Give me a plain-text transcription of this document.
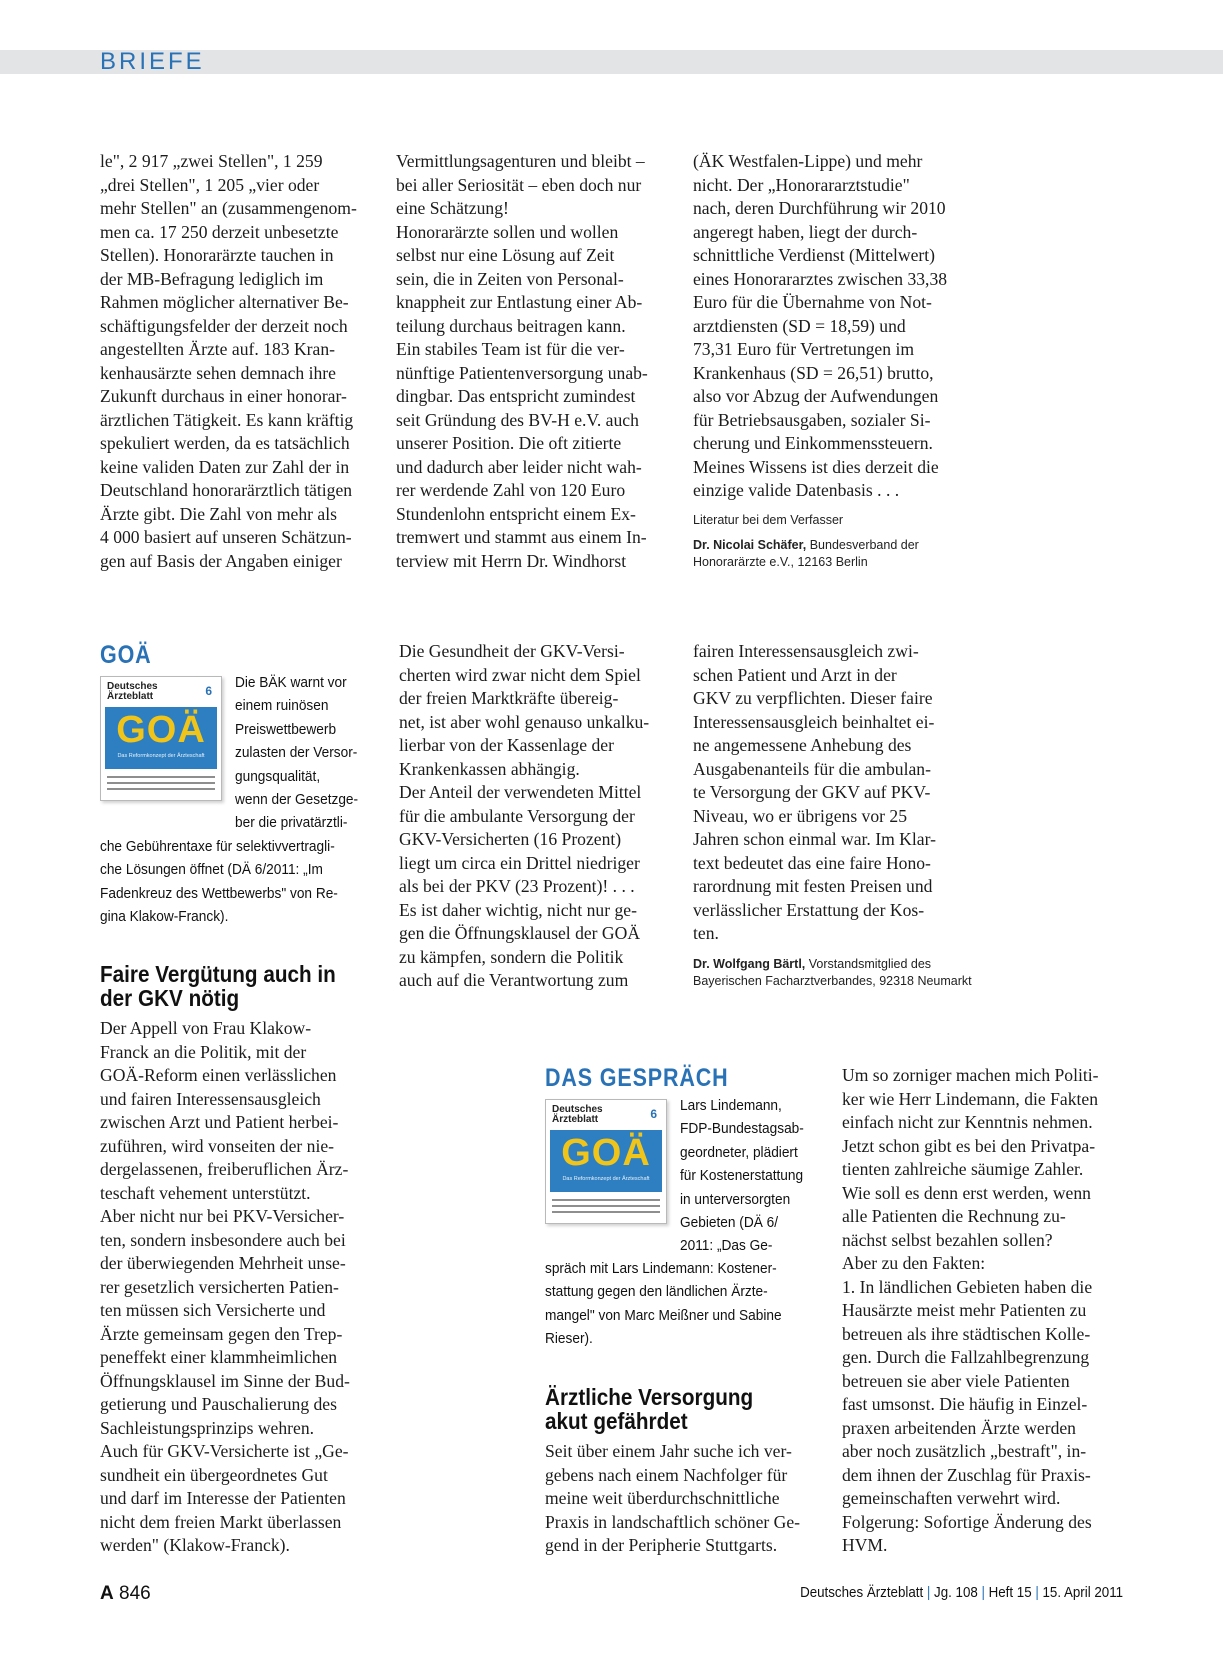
BRIEFE

le", 2 917 „zwei Stellen", 1 259
„drei Stellen", 1 205 „vier oder
mehr Stellen" an (zusammengenom-
men ca. 17 250 derzeit unbesetzte
Stellen). Honorarärzte tauchen in
der MB-Befragung lediglich im
Rahmen möglicher alternativer Be-
schäftigungsfelder der derzeit noch
angestellten Ärzte auf. 183 Kran-
kenhausärzte sehen demnach ihre
Zukunft durchaus in einer honorar-
ärztlichen Tätigkeit. Es kann kräftig
spekuliert werden, da es tatsächlich
keine validen Daten zur Zahl der in
Deutschland honorarärztlich tätigen
Ärzte gibt. Die Zahl von mehr als
4 000 basiert auf unseren Schätzun-
gen auf Basis der Angaben einiger

Vermittlungsagenturen und bleibt –
bei aller Seriosität – eben doch nur
eine Schätzung!
Honorarärzte sollen und wollen
selbst nur eine Lösung auf Zeit
sein, die in Zeiten von Personal-
knappheit zur Entlastung einer Ab-
teilung durchaus beitragen kann.
Ein stabiles Team ist für die ver-
nünftige Patientenversorgung unab-
dingbar. Das entspricht zumindest
seit Gründung des BV-H e.V. auch
unserer Position. Die oft zitierte
und dadurch aber leider nicht wah-
rer werdende Zahl von 120 Euro
Stundenlohn entspricht einem Ex-
tremwert und stammt aus einem In-
terview mit Herrn Dr. Windhorst

(ÄK Westfalen-Lippe) und mehr
nicht. Der „Honorararztstudie"
nach, deren Durchführung wir 2010
angeregt haben, liegt der durch-
schnittliche Verdienst (Mittelwert)
eines Honorararztes zwischen 33,38
Euro für die Übernahme von Not-
arztdiensten (SD = 18,59) und
73,31 Euro für Vertretungen im
Krankenhaus (SD = 26,51) brutto,
also vor Abzug der Aufwendungen
für Betriebsausgaben, sozialer Si-
cherung und Einkommenssteuern.
Meines Wissens ist dies derzeit die
einzige valide Datenbasis . . .

Literatur bei dem Verfasser

Dr. Nicolai Schäfer, Bundesverband der
Honorarärzte e.V., 12163 Berlin

GOÄ
Deutsches
Ärzteblatt	6
GOÄ
Das Reformkonzept der Ärzteschaft

Die BÄK warnt vor
einem ruinösen
Preiswettbewerb
zulasten der Versor-
gungsqualität,
wenn der Gesetzge-
ber die privatärztli-

che Gebührentaxe für selektivvertragli-
che Lösungen öffnet (DÄ 6/2011: „Im
Fadenkreuz des Wettbewerbs" von Re-
gina Klakow-Franck).

Faire Vergütung auch in
der GKV nötig

Der Appell von Frau Klakow-
Franck an die Politik, mit der
GOÄ-Reform einen verlässlichen
und fairen Interessensausgleich
zwischen Arzt und Patient herbei-
zuführen, wird vonseiten der nie-
dergelassenen, freiberuflichen Ärz-
teschaft vehement unterstützt.
Aber nicht nur bei PKV-Versicher-
ten, sondern insbesondere auch bei
der überwiegenden Mehrheit unse-
rer gesetzlich versicherten Patien-
ten müssen sich Versicherte und
Ärzte gemeinsam gegen den Trep-
peneffekt einer klammheimlichen
Öffnungsklausel im Sinne der Bud-
getierung und Pauschalierung des
Sachleistungsprinzips wehren.
Auch für GKV-Versicherte ist „Ge-
sundheit ein übergeordnetes Gut
und darf im Interesse der Patienten
nicht dem freien Markt überlassen
werden" (Klakow-Franck).

Die Gesundheit der GKV-Versi-
cherten wird zwar nicht dem Spiel
der freien Marktkräfte übereig-
net, ist aber wohl genauso unkalku-
lierbar von der Kassenlage der
Krankenkassen abhängig.
Der Anteil der verwendeten Mittel
für die ambulante Versorgung der
GKV-Versicherten (16 Prozent)
liegt um circa ein Drittel niedriger
als bei der PKV (23 Prozent)! . . .
Es ist daher wichtig, nicht nur ge-
gen die Öffnungsklausel der GOÄ
zu kämpfen, sondern die Politik
auch auf die Verantwortung zum

fairen Interessensausgleich zwi-
schen Patient und Arzt in der
GKV zu verpflichten. Dieser faire
Interessensausgleich beinhaltet ei-
ne angemessene Anhebung des
Ausgabenanteils für die ambulan-
te Versorgung der GKV auf PKV-
Niveau, wo er übrigens vor 25
Jahren schon einmal war. Im Klar-
text bedeutet das eine faire Hono-
rarordnung mit festen Preisen und
verlässlicher Erstattung der Kos-
ten.

Dr. Wolfgang Bärtl, Vorstandsmitglied des
Bayerischen Facharztverbandes, 92318 Neumarkt

DAS GESPRÄCH
Deutsches
Ärzteblatt	6
GOÄ
Das Reformkonzept der Ärzteschaft

Lars Lindemann,
FDP-Bundestagsab-
geordneter, plädiert
für Kostenerstattung
in unterversorgten
Gebieten (DÄ 6/
2011: „Das Ge-

spräch mit Lars Lindemann: Kostener-
stattung gegen den ländlichen Ärzte-
mangel" von Marc Meißner und Sabine
Rieser).

Ärztliche Versorgung
akut gefährdet

Seit über einem Jahr suche ich ver-
gebens nach einem Nachfolger für
meine weit überdurchschnittliche
Praxis in landschaftlich schöner Ge-
gend in der Peripherie Stuttgarts.

Um so zorniger machen mich Politi-
ker wie Herr Lindemann, die Fakten
einfach nicht zur Kenntnis nehmen.
Jetzt schon gibt es bei den Privatpa-
tienten zahlreiche säumige Zahler.
Wie soll es denn erst werden, wenn
alle Patienten die Rechnung zu-
nächst selbst bezahlen sollen?
Aber zu den Fakten:
1. In ländlichen Gebieten haben die
Hausärzte meist mehr Patienten zu
betreuen als ihre städtischen Kolle-
gen. Durch die Fallzahlbegrenzung
betreuen sie aber viele Patienten
fast umsonst. Die häufig in Einzel-
praxen arbeitenden Ärzte werden
aber noch zusätzlich „bestraft", in-
dem ihnen der Zuschlag für Praxis-
gemeinschaften verwehrt wird.
Folgerung: Sofortige Änderung des
HVM.

A 846	Deutsches Ärzteblatt | Jg. 108 | Heft 15 | 15. April 2011
